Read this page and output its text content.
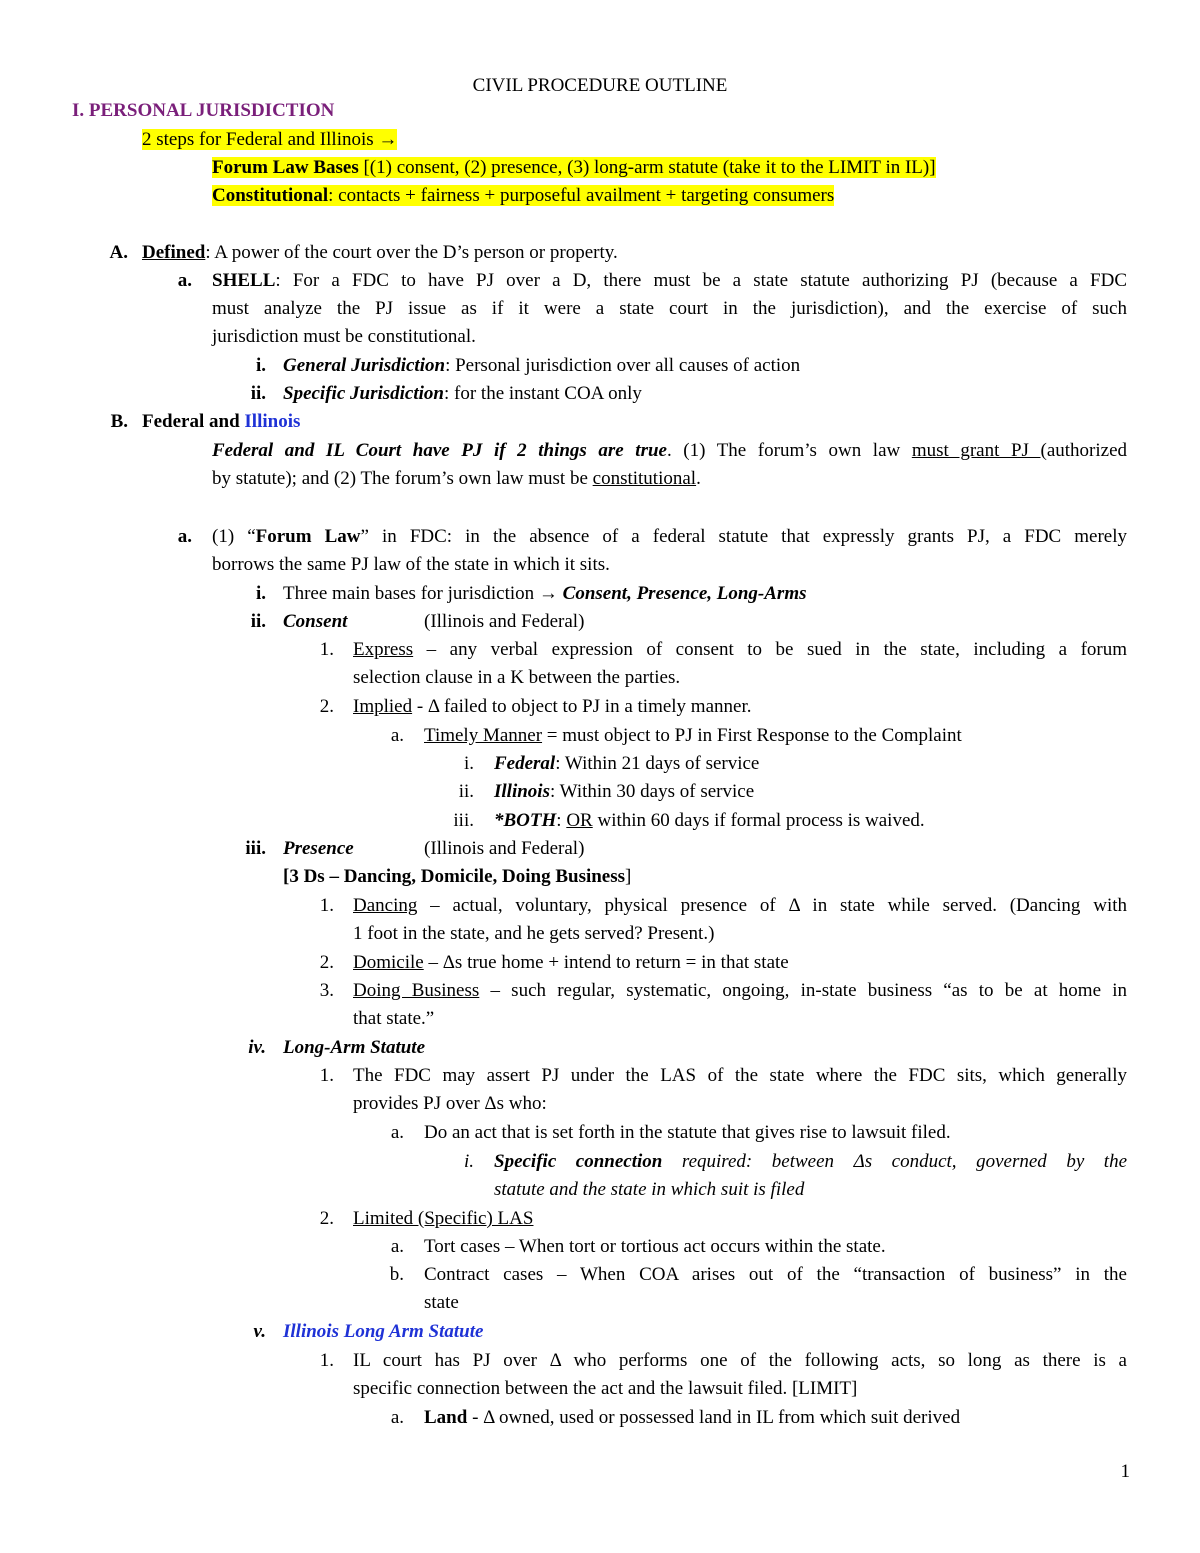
CIVIL PROCEDURE OUTLINE
I. PERSONAL JURISDICTION
2 steps for Federal and Illinois →
Forum Law Bases [(1) consent, (2) presence, (3) long-arm statute (take it to the LIMIT in IL)]
Constitutional: contacts + fairness + purposeful availment + targeting consumers
A. Defined: A power of the court over the D’s person or property.
a. SHELL: For a FDC to have PJ over a D, there must be a state statute authorizing PJ (because a FDC
must analyze the PJ issue as if it were a state court in the jurisdiction), and the exercise of such
jurisdiction must be constitutional.
i. General Jurisdiction: Personal jurisdiction over all causes of action
ii. Specific Jurisdiction: for the instant COA only
B. Federal and Illinois
Federal and IL Court have PJ if 2 things are true. (1) The forum’s own law must grant PJ (authorized
by statute); and (2) The forum’s own law must be constitutional.
a. (1) “Forum Law” in FDC: in the absence of a federal statute that expressly grants PJ, a FDC merely
borrows the same PJ law of the state in which it sits.
i. Three main bases for jurisdiction → Consent, Presence, Long-Arms
ii. Consent	(Illinois and Federal)
1. Express – any verbal expression of consent to be sued in the state, including a forum
selection clause in a K between the parties.
2. Implied - Δ failed to object to PJ in a timely manner.
a. Timely Manner = must object to PJ in First Response to the Complaint
i. Federal: Within 21 days of service
ii. Illinois: Within 30 days of service
iii. *BOTH: OR within 60 days if formal process is waived.
iii. Presence	(Illinois and Federal)
[3 Ds – Dancing, Domicile, Doing Business]
1. Dancing – actual, voluntary, physical presence of Δ in state while served. (Dancing with
1 foot in the state, and he gets served? Present.)
2. Domicile – Δs true home + intend to return = in that state
3. Doing Business – such regular, systematic, ongoing, in-state business “as to be at home in
that state.”
iv. Long-Arm Statute
1. The FDC may assert PJ under the LAS of the state where the FDC sits, which generally
provides PJ over Δs who:
a. Do an act that is set forth in the statute that gives rise to lawsuit filed.
i. Specific connection required: between Δs conduct, governed by the
statute and the state in which suit is filed
2. Limited (Specific) LAS
a. Tort cases – When tort or tortious act occurs within the state.
b. Contract cases – When COA arises out of the “transaction of business” in the
state
v. Illinois Long Arm Statute
1. IL court has PJ over Δ who performs one of the following acts, so long as there is a
specific connection between the act and the lawsuit filed. [LIMIT]
a. Land - Δ owned, used or possessed land in IL from which suit derived
1
